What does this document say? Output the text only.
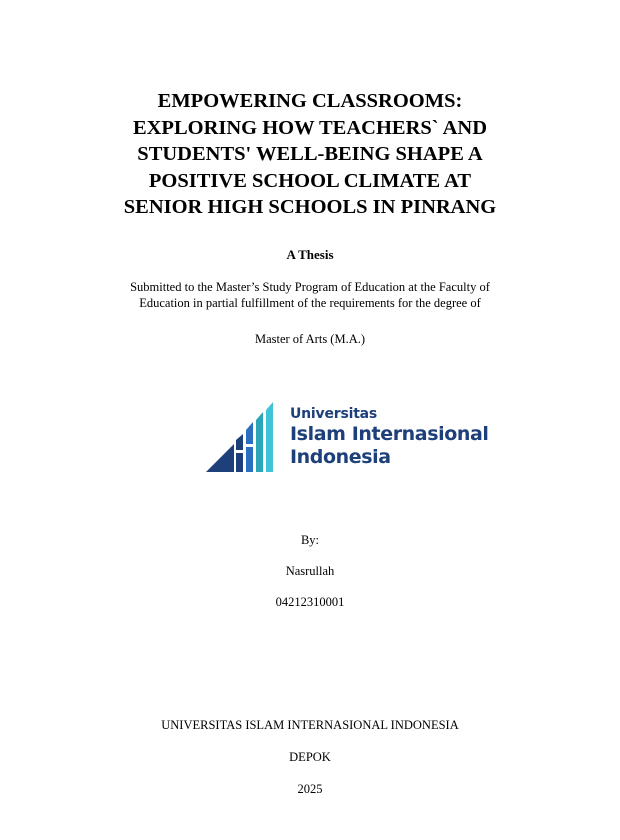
EMPOWERING CLASSROOMS:
EXPLORING HOW TEACHERS` AND
STUDENTS' WELL-BEING SHAPE A
POSITIVE SCHOOL CLIMATE AT
SENIOR HIGH SCHOOLS IN PINRANG
A Thesis
Submitted to the Master’s Study Program of Education at the Faculty of
Education in partial fulfillment of the requirements for the degree of
Master of Arts (M.A.)
Universitas
Islam Internasional
Indonesia
By:
Nasrullah
04212310001
UNIVERSITAS ISLAM INTERNASIONAL INDONESIA
DEPOK
2025
